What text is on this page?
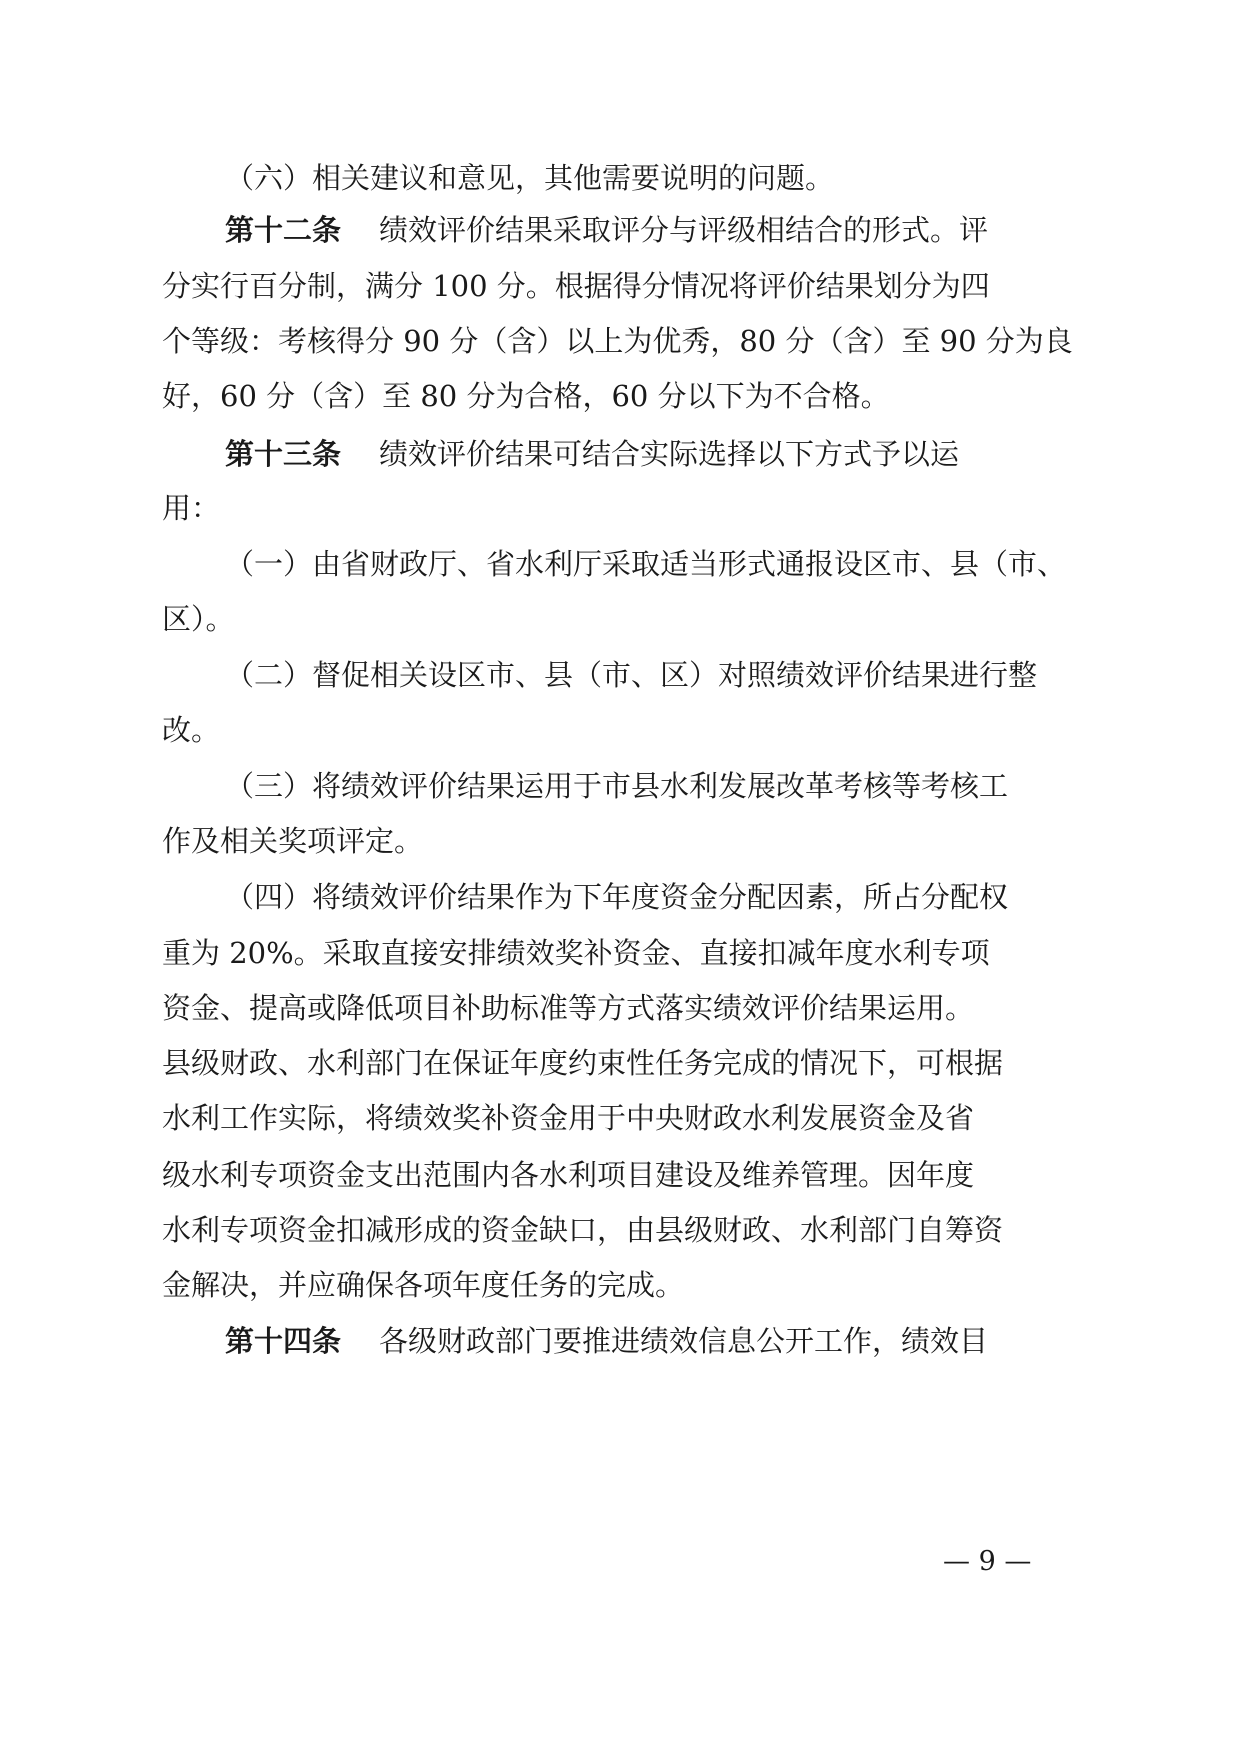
（六）相关建议和意见，其他需要说明的问题。
第十二条 绩效评价结果采取评分与评级相结合的形式。评
分实行百分制，满分 100 分。根据得分情况将评价结果划分为四
个等级：考核得分 90 分（含）以上为优秀，80 分（含）至 90 分为良
好，60 分（含）至 80 分为合格，60 分以下为不合格。
第十三条 绩效评价结果可结合实际选择以下方式予以运
用：
（一）由省财政厅、省水利厅采取适当形式通报设区市、县（市、
区）。
（二）督促相关设区市、县（市、区）对照绩效评价结果进行整
改。
（三）将绩效评价结果运用于市县水利发展改革考核等考核工
作及相关奖项评定。
（四）将绩效评价结果作为下年度资金分配因素，所占分配权
重为 20%。采取直接安排绩效奖补资金、直接扣减年度水利专项
资金、提高或降低项目补助标准等方式落实绩效评价结果运用。
县级财政、水利部门在保证年度约束性任务完成的情况下，可根据
水利工作实际，将绩效奖补资金用于中央财政水利发展资金及省
级水利专项资金支出范围内各水利项目建设及维养管理。因年度
水利专项资金扣减形成的资金缺口，由县级财政、水利部门自筹资
金解决，并应确保各项年度任务的完成。
第十四条 各级财政部门要推进绩效信息公开工作，绩效目
— 9 —
